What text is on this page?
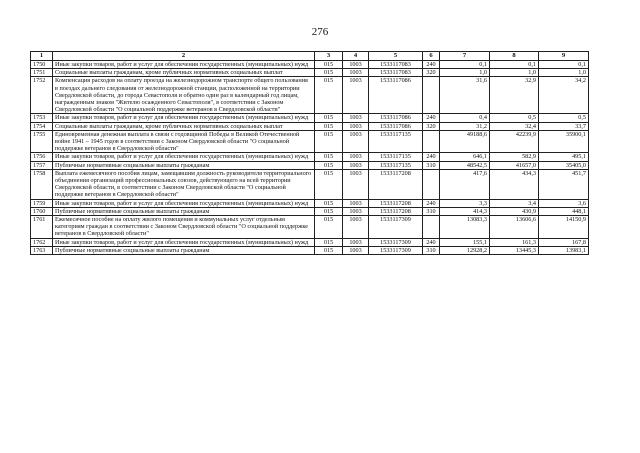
276
1	2	3	4	5	6	7	8	9
1750	Иные закупки товаров, работ и услуг для обеспечения государственных (муниципальных) нужд	015	1003	1533117083	240	0,1	0,1	0,1
1751	Социальные выплаты гражданам, кроме публичных нормативных социальных выплат	015	1003	1533117083	320	1,0	1,0	1,0
1752	Компенсация расходов на оплату проезда на железнодорожном транспорте общего пользования в поездах дальнего следования от железнодорожной станции, расположенной на территории Свердловской области, до города Севастополя и обратно один раз в календарный год лицам, награжденным знаком "Жителю осажденного Севастополя", в соответствии с Законом Свердловской области "О социальной поддержке ветеранов в Свердловской области"	015	1003	1533117086		31,6	32,9	34,2
1753	Иные закупки товаров, работ и услуг для обеспечения государственных (муниципальных) нужд	015	1003	1533117086	240	0,4	0,5	0,5
1754	Социальные выплаты гражданам, кроме публичных нормативных социальных выплат	015	1003	1533117086	320	31,2	32,4	33,7
1755	Единовременная денежная выплата в связи с годовщиной Победы в Великой Отечественной войне 1941 – 1945 годов в соответствии с Законом Свердловской области "О социальной поддержке ветеранов в Свердловской области"	015	1003	1533117135		49188,6	42239,9	35900,1
1756	Иные закупки товаров, работ и услуг для обеспечения государственных (муниципальных) нужд	015	1003	1533117135	240	646,1	582,9	495,1
1757	Публичные нормативные социальные выплаты гражданам	015	1003	1533117135	310	48542,5	41657,0	35405,0
1758	Выплата ежемесячного пособия лицам, замещавшим должность руководителя территориального объединения организаций профессиональных союзов, действующего на всей территории Свердловской области, в соответствии с Законом Свердловской области "О социальной поддержке ветеранов в Свердловской области"	015	1003	1533117208		417,6	434,3	451,7
1759	Иные закупки товаров, работ и услуг для обеспечения государственных (муниципальных) нужд	015	1003	1533117208	240	3,3	3,4	3,6
1760	Публичные нормативные социальные выплаты гражданам	015	1003	1533117208	310	414,3	430,9	448,1
1761	Ежемесячное пособие на оплату жилого помещения и коммунальных услуг отдельным категориям граждан в соответствии с Законом Свердловской области "О социальной поддержке ветеранов в Свердловской области"	015	1003	1533117309		13083,3	13606,6	14150,9
1762	Иные закупки товаров, работ и услуг для обеспечения государственных (муниципальных) нужд	015	1003	1533117309	240	155,1	161,3	167,8
1763	Публичные нормативные социальные выплаты гражданам	015	1003	1533117309	310	12928,2	13445,3	13983,1
